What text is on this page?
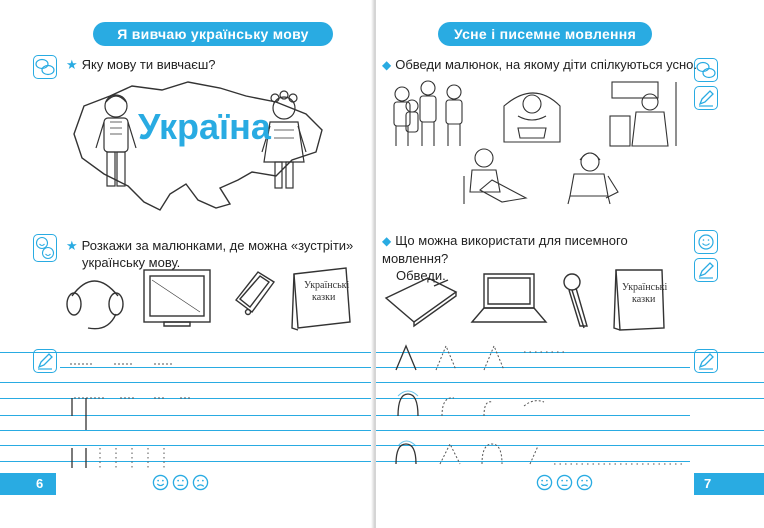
Я вивчаю українську мову
★ Яку мову ти вивчаєш?
Україна
★ Розкажи за малюнками, де можна «зустріти»
українську мову.
Українські
казки
6
Усне і писемне мовлення
◆ Обведи малюнок, на якому діти спілкуються усно.
◆ Що можна використати для писемного мовлення?
Обведи.
Українські
казки
7
